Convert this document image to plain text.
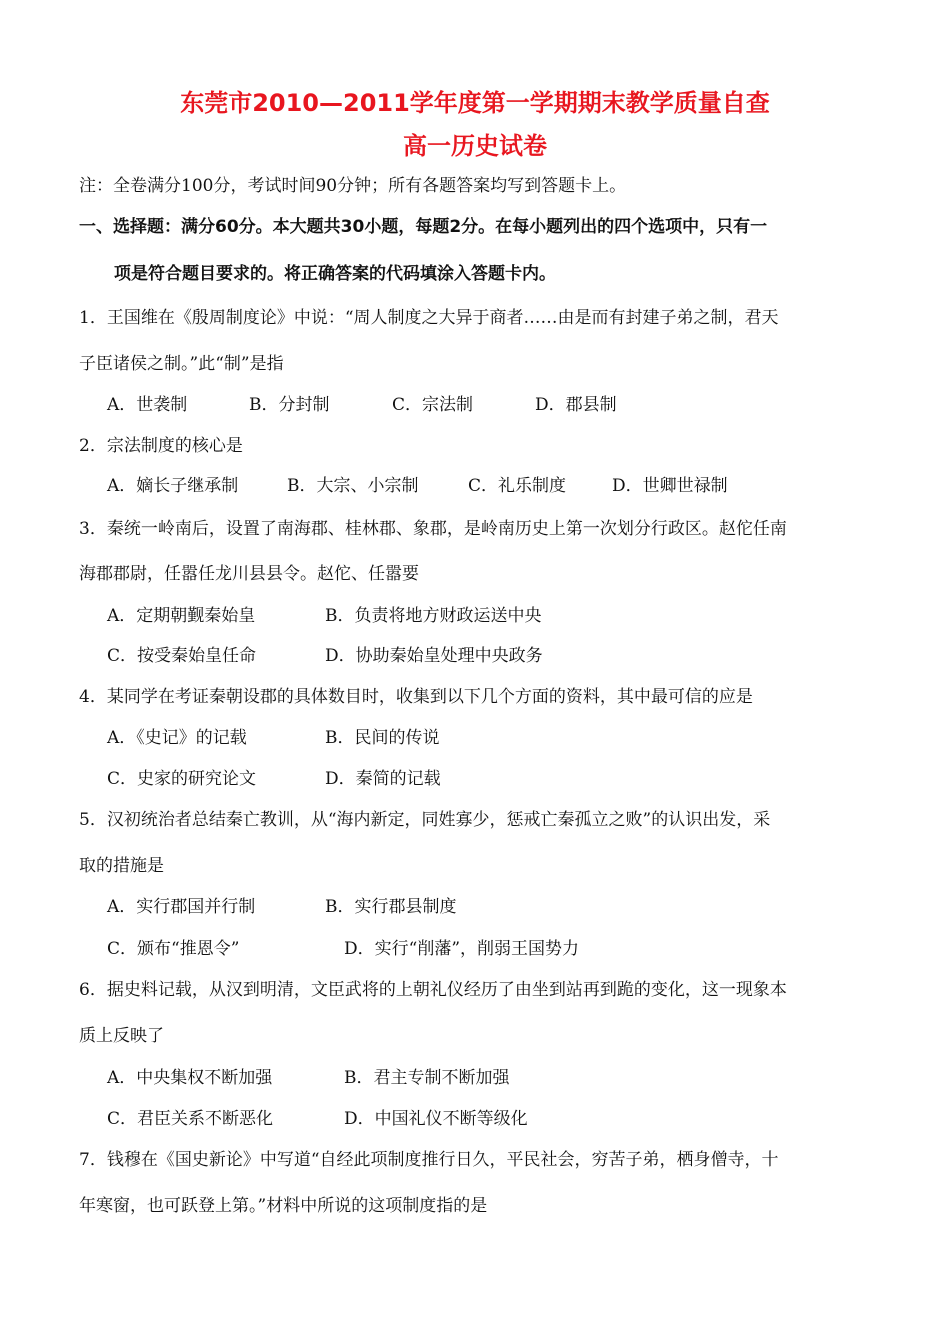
东莞市2010—2011学年度第一学期期末教学质量自查
高一历史试卷
注：全卷满分100分，考试时间90分钟；所有各题答案均写到答题卡上。
一、选择题：满分60分。本大题共30小题，每题2分。在每小题列出的四个选项中，只有一
项是符合题目要求的。将正确答案的代码填涂入答题卡内。
1．王国维在《殷周制度论》中说：“周人制度之大异于商者……由是而有封建子弟之制，君天
子臣诸侯之制。”此“制”是指
A．世袭制	B．分封制	C．宗法制	D．郡县制
2．宗法制度的核心是
A．嫡长子继承制	B．大宗、小宗制	C．礼乐制度	D．世卿世禄制
3．秦统一岭南后，设置了南海郡、桂林郡、象郡，是岭南历史上第一次划分行政区。赵佗任南
海郡郡尉，任嚣任龙川县县令。赵佗、任嚣要
A．定期朝觐秦始皇	B．负责将地方财政运送中央
C．按受秦始皇任命	D．协助秦始皇处理中央政务
4．某同学在考证秦朝设郡的具体数目时，收集到以下几个方面的资料，其中最可信的应是
A．《史记》的记载	B．民间的传说
C．史家的研究论文	D．秦简的记载
5．汉初统治者总结秦亡教训，从“海内新定，同姓寡少，惩戒亡秦孤立之败”的认识出发，采
取的措施是
A．实行郡国并行制	B．实行郡县制度
C．颁布“推恩令”	D．实行“削藩”，削弱王国势力
6．据史料记载，从汉到明清，文臣武将的上朝礼仪经历了由坐到站再到跪的变化，这一现象本
质上反映了
A．中央集权不断加强	B．君主专制不断加强
C．君臣关系不断恶化	D．中国礼仪不断等级化
7．钱穆在《国史新论》中写道“自经此项制度推行日久，平民社会，穷苦子弟，栖身僧寺，十
年寒窗，也可跃登上第。”材料中所说的这项制度指的是
